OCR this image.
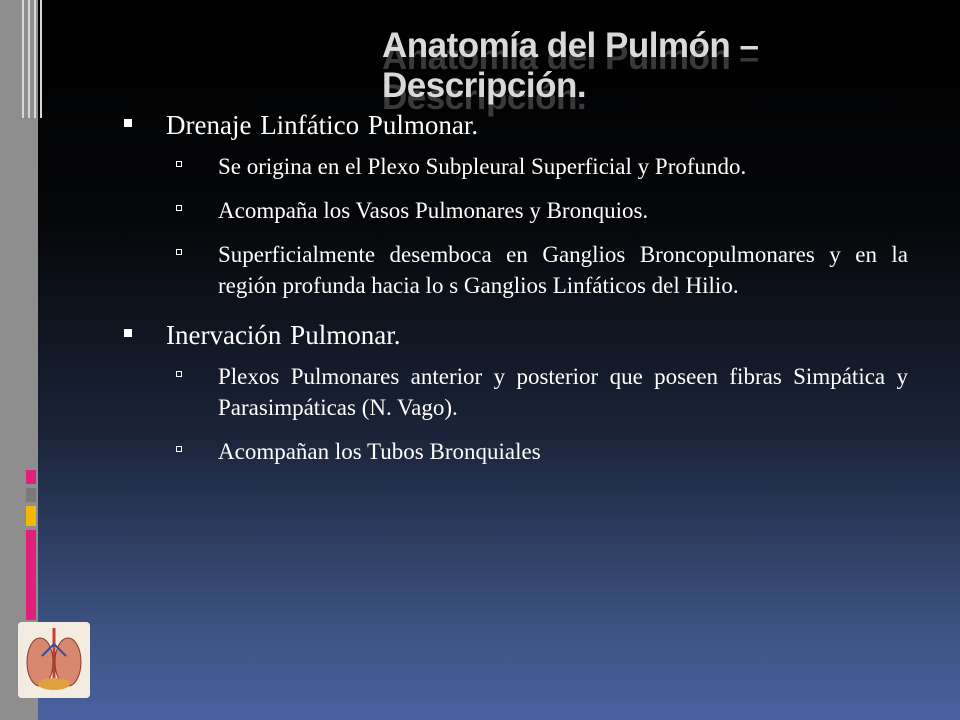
Anatomía del Pulmón – Descripción.
Drenaje Linfático Pulmonar.
Se origina en el Plexo Subpleural Superficial y Profundo.
Acompaña los Vasos Pulmonares y Bronquios.
Superficialmente desemboca en Ganglios Broncopulmonares y en la región profunda hacia lo s Ganglios Linfáticos del Hilio.
Inervación Pulmonar.
Plexos Pulmonares anterior y posterior que poseen fibras Simpática y Parasimpáticas (N. Vago).
Acompañan los Tubos Bronquiales
